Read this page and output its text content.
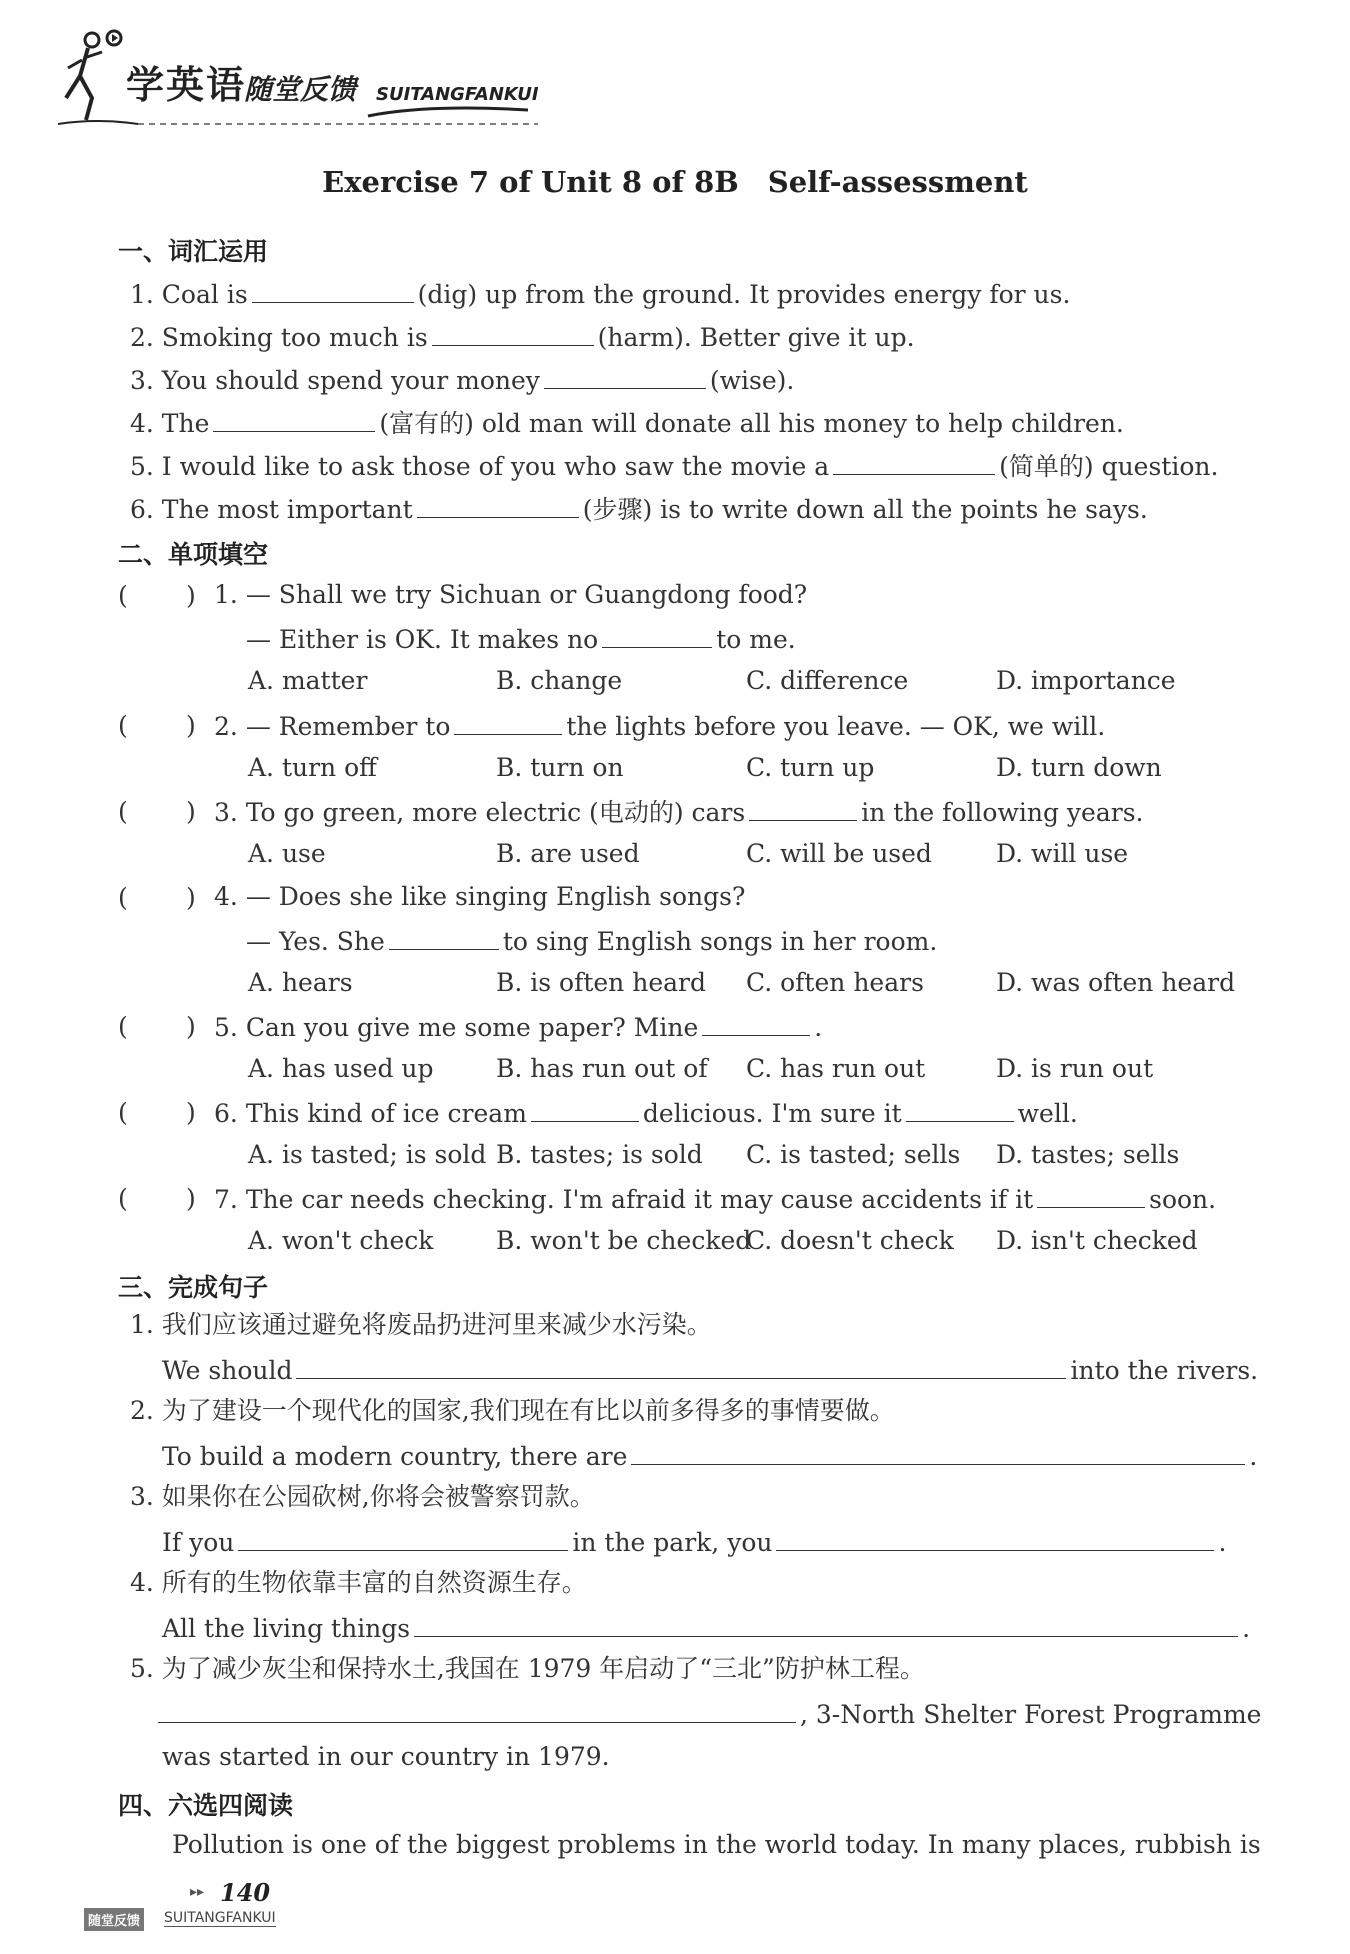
学英语
随堂反馈 SUITANGFANKUI
Exercise 7 of Unit 8 of 8B　Self-assessment
一、词汇运用
1. Coal is	(dig) up from the ground. It provides energy for us.
2. Smoking too much is	(harm). Better give it up.
3. You should spend your money	(wise).
4. The	(富有的) old man will donate all his money to help children.
5. I would like to ask those of you who saw the movie a	(简单的) question.
6. The most important	(步骤) is to write down all the points he says.
二、单项填空
( ) 1. — Shall we try Sichuan or Guangdong food?
— Either is OK. It makes no	to me.
A. matter	B. change	C. difference	D. importance
( ) 2. — Remember to	the lights before you leave. — OK, we will.
A. turn off	B. turn on	C. turn up	D. turn down
( ) 3. To go green, more electric (电动的) cars	in the following years.
A. use	B. are used	C. will be used	D. will use
( ) 4. — Does she like singing English songs?
— Yes. She	to sing English songs in her room.
A. hears	B. is often heard C. often hears	D. was often heard
( ) 5. Can you give me some paper? Mine	.
A. has used up B. has run out of C. has run out	D. is run out
( ) 6. This kind of ice cream	delicious. I'm sure it	well.
A. is tasted; is sold B. tastes; is sold C. is tasted; sells D. tastes; sells
( ) 7. The car needs checking. I'm afraid it may cause accidents if it	soon.
A. won't check	B. won't be checked
C. doesn't check D. isn't checked
三、完成句子
1. 我们应该通过避免将废品扔进河里来减少水污染。
We should	into the rivers.
2. 为了建设一个现代化的国家,我们现在有比以前多得多的事情要做。
To build a modern country, there are	.
3. 如果你在公园砍树,你将会被警察罚款。
If you	in the park, you	.
4. 所有的生物依靠丰富的自然资源生存。
All the living things	.
5. 为了减少灰尘和保持水土,我国在 1979 年启动了“三北”防护林工程。
, 3-North Shelter Forest Programme
was started in our country in 1979.
四、六选四阅读
Pollution is one of the biggest problems in the world today. In many places, rubbish is
▸▸ 140
随堂反馈 SUITANGFANKUI
